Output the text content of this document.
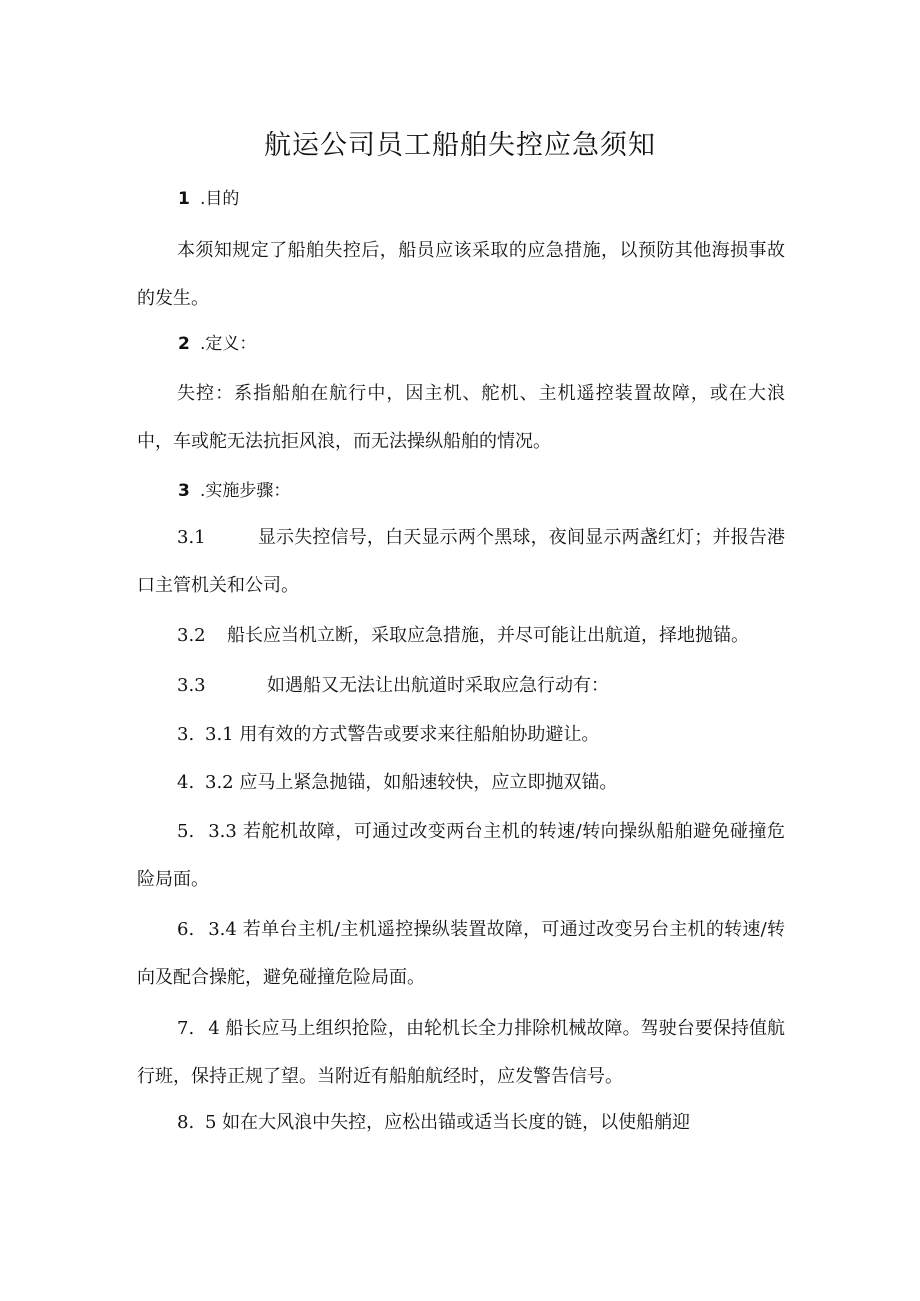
航运公司员工船舶失控应急须知
1 .目的
本须知规定了船舶失控后，船员应该采取的应急措施，以预防其他海损事故的发生。
2 .定义：
失控：系指船舶在航行中，因主机、舵机、主机遥控装置故障，或在大浪中，车或舵无法抗拒风浪，而无法操纵船舶的情况。
3 .实施步骤：
3.1	显示失控信号，白天显示两个黑球，夜间显示两盏红灯；并报告港口主管机关和公司。
3.2 船长应当机立断，采取应急措施，并尽可能让出航道，择地抛锚。
3.3	如遇船又无法让出航道时采取应急行动有：
3. 3.1 用有效的方式警告或要求来往船舶协助避让。
4. 3.2 应马上紧急抛锚，如船速较快，应立即抛双锚。
5. 3.3 若舵机故障，可通过改变两台主机的转速/转向操纵船舶避免碰撞危险局面。
6. 3.4 若单台主机/主机遥控操纵装置故障，可通过改变另台主机的转速/转向及配合操舵，避免碰撞危险局面。
7. 4 船长应马上组织抢险，由轮机长全力排除机械故障。驾驶台要保持值航行班，保持正规了望。当附近有船舶航经时，应发警告信号。
8. 5 如在大风浪中失控，应松出锚或适当长度的链，以使船艄迎
